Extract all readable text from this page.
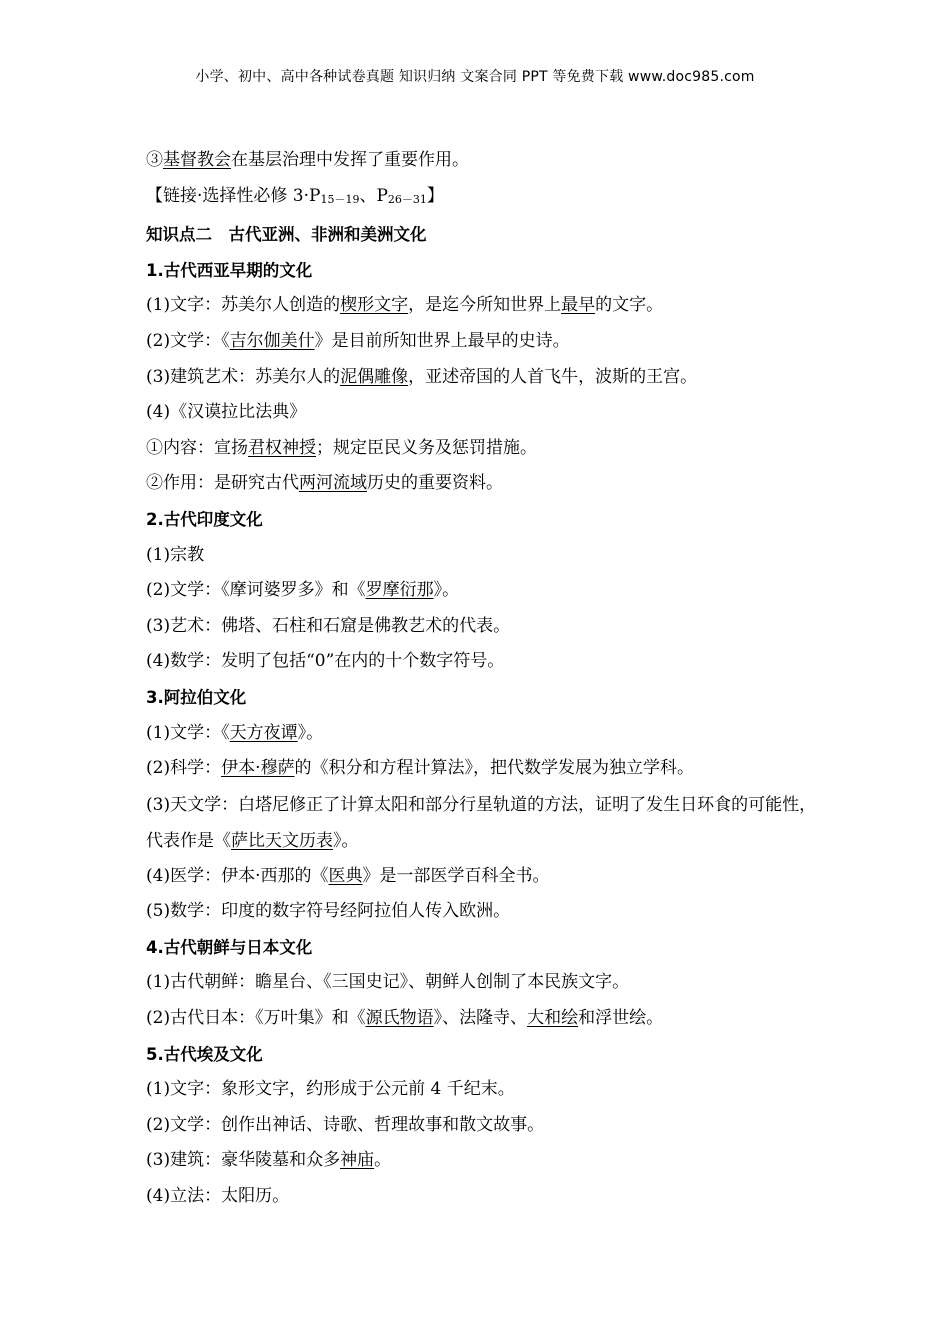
小学、初中、高中各种试卷真题 知识归纳 文案合同 PPT 等免费下载 www.doc985.com
③基督教会在基层治理中发挥了重要作用。
【链接·选择性必修 $3\cdot P_{15-19}$、$P_{26-31}$】
知识点二　古代亚洲、非洲和美洲文化
1.古代西亚早期的文化
(1)文字：苏美尔人创造的楔形文字，是迄今所知世界上最早的文字。
(2)文学：《吉尔伽美什》是目前所知世界上最早的史诗。
(3)建筑艺术：苏美尔人的泥偶雕像，亚述帝国的人首飞牛，波斯的王宫。
(4)《汉谟拉比法典》
①内容：宣扬君权神授；规定臣民义务及惩罚措施。
②作用：是研究古代两河流域历史的重要资料。
2.古代印度文化
(1)宗教
(2)文学：《摩诃婆罗多》和《罗摩衍那》。
(3)艺术：佛塔、石柱和石窟是佛教艺术的代表。
(4)数学：发明了包括“0”在内的十个数字符号。
3.阿拉伯文化
(1)文学：《天方夜谭》。
(2)科学：伊本·穆萨的《积分和方程计算法》，把代数学发展为独立学科。
(3)天文学：白塔尼修正了计算太阳和部分行星轨道的方法，证明了发生日环食的可能性，代表作是《萨比天文历表》。
(4)医学：伊本·西那的《医典》是一部医学百科全书。
(5)数学：印度的数字符号经阿拉伯人传入欧洲。
4.古代朝鲜与日本文化
(1)古代朝鲜：瞻星台、《三国史记》、朝鲜人创制了本民族文字。
(2)古代日本：《万叶集》和《源氏物语》、法隆寺、大和绘和浮世绘。
5.古代埃及文化
(1)文字：象形文字，约形成于公元前 4 千纪末。
(2)文学：创作出神话、诗歌、哲理故事和散文故事。
(3)建筑：豪华陵墓和众多神庙。
(4)立法：太阳历。
